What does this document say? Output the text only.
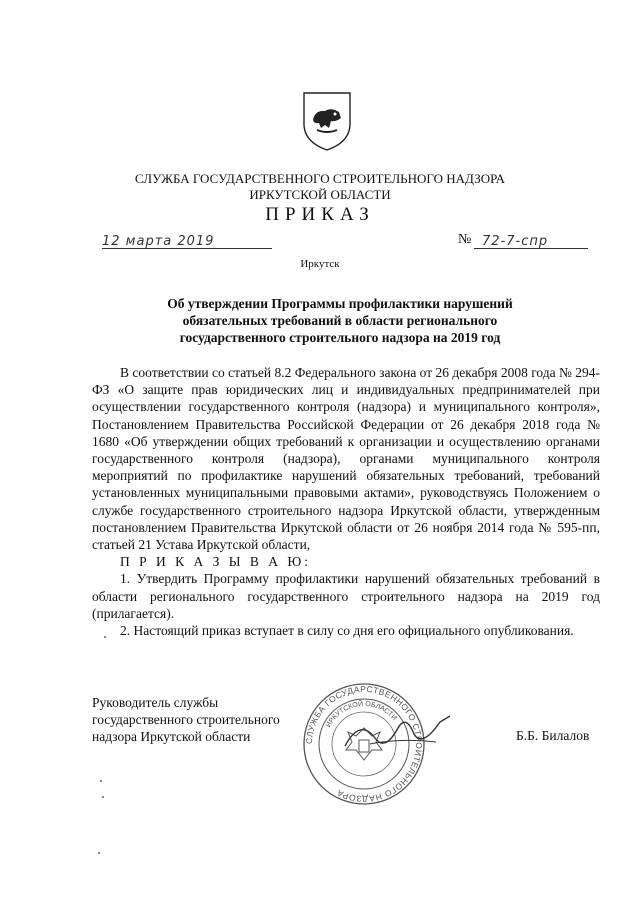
СЛУЖБА ГОСУДАРСТВЕННОГО СТРОИТЕЛЬНОГО НАДЗОРА
ИРКУТСКОЙ ОБЛАСТИ
ПРИКАЗ
12 марта 2019	№ 72-7-спр
Иркутск
Об утверждении Программы профилактики нарушений
обязательных требований в области регионального
государственного строительного надзора на 2019 год

В соответствии со статьей 8.2 Федерального закона от 26 декабря 2008 года № 294-ФЗ «О защите прав юридических лиц и индивидуальных предпринимателей при осуществлении государственного контроля (надзора) и муниципального контроля», Постановлением Правительства Российской Федерации от 26 декабря 2018 года № 1680 «Об утверждении общих требований к организации и осуществлению органами государственного контроля (надзора), органами муниципального контроля мероприятий по профилактике нарушений обязательных требований, требований установленных муниципальными правовыми актами», руководствуясь Положением о службе государственного строительного надзора Иркутской области, утвержденным постановлением Правительства Иркутской области от 26 ноября 2014 года № 595-пп, статьей 21 Устава Иркутской области,

П Р И К А З Ы В А Ю:

1. Утвердить Программу профилактики нарушений обязательных требований в области регионального государственного строительного надзора на 2019 год (прилагается).

2. Настоящий приказ вступает в силу со дня его официального опубликования.

СЛУЖБА ГОСУДАРСТВЕННОГО СТРОИТЕЛЬНОГО НАДЗОРА
ИРКУТСКОЙ ОБЛАСТИ
Руководитель службы
государственного строительного
надзора Иркутской области	Б.Б. Билалов
